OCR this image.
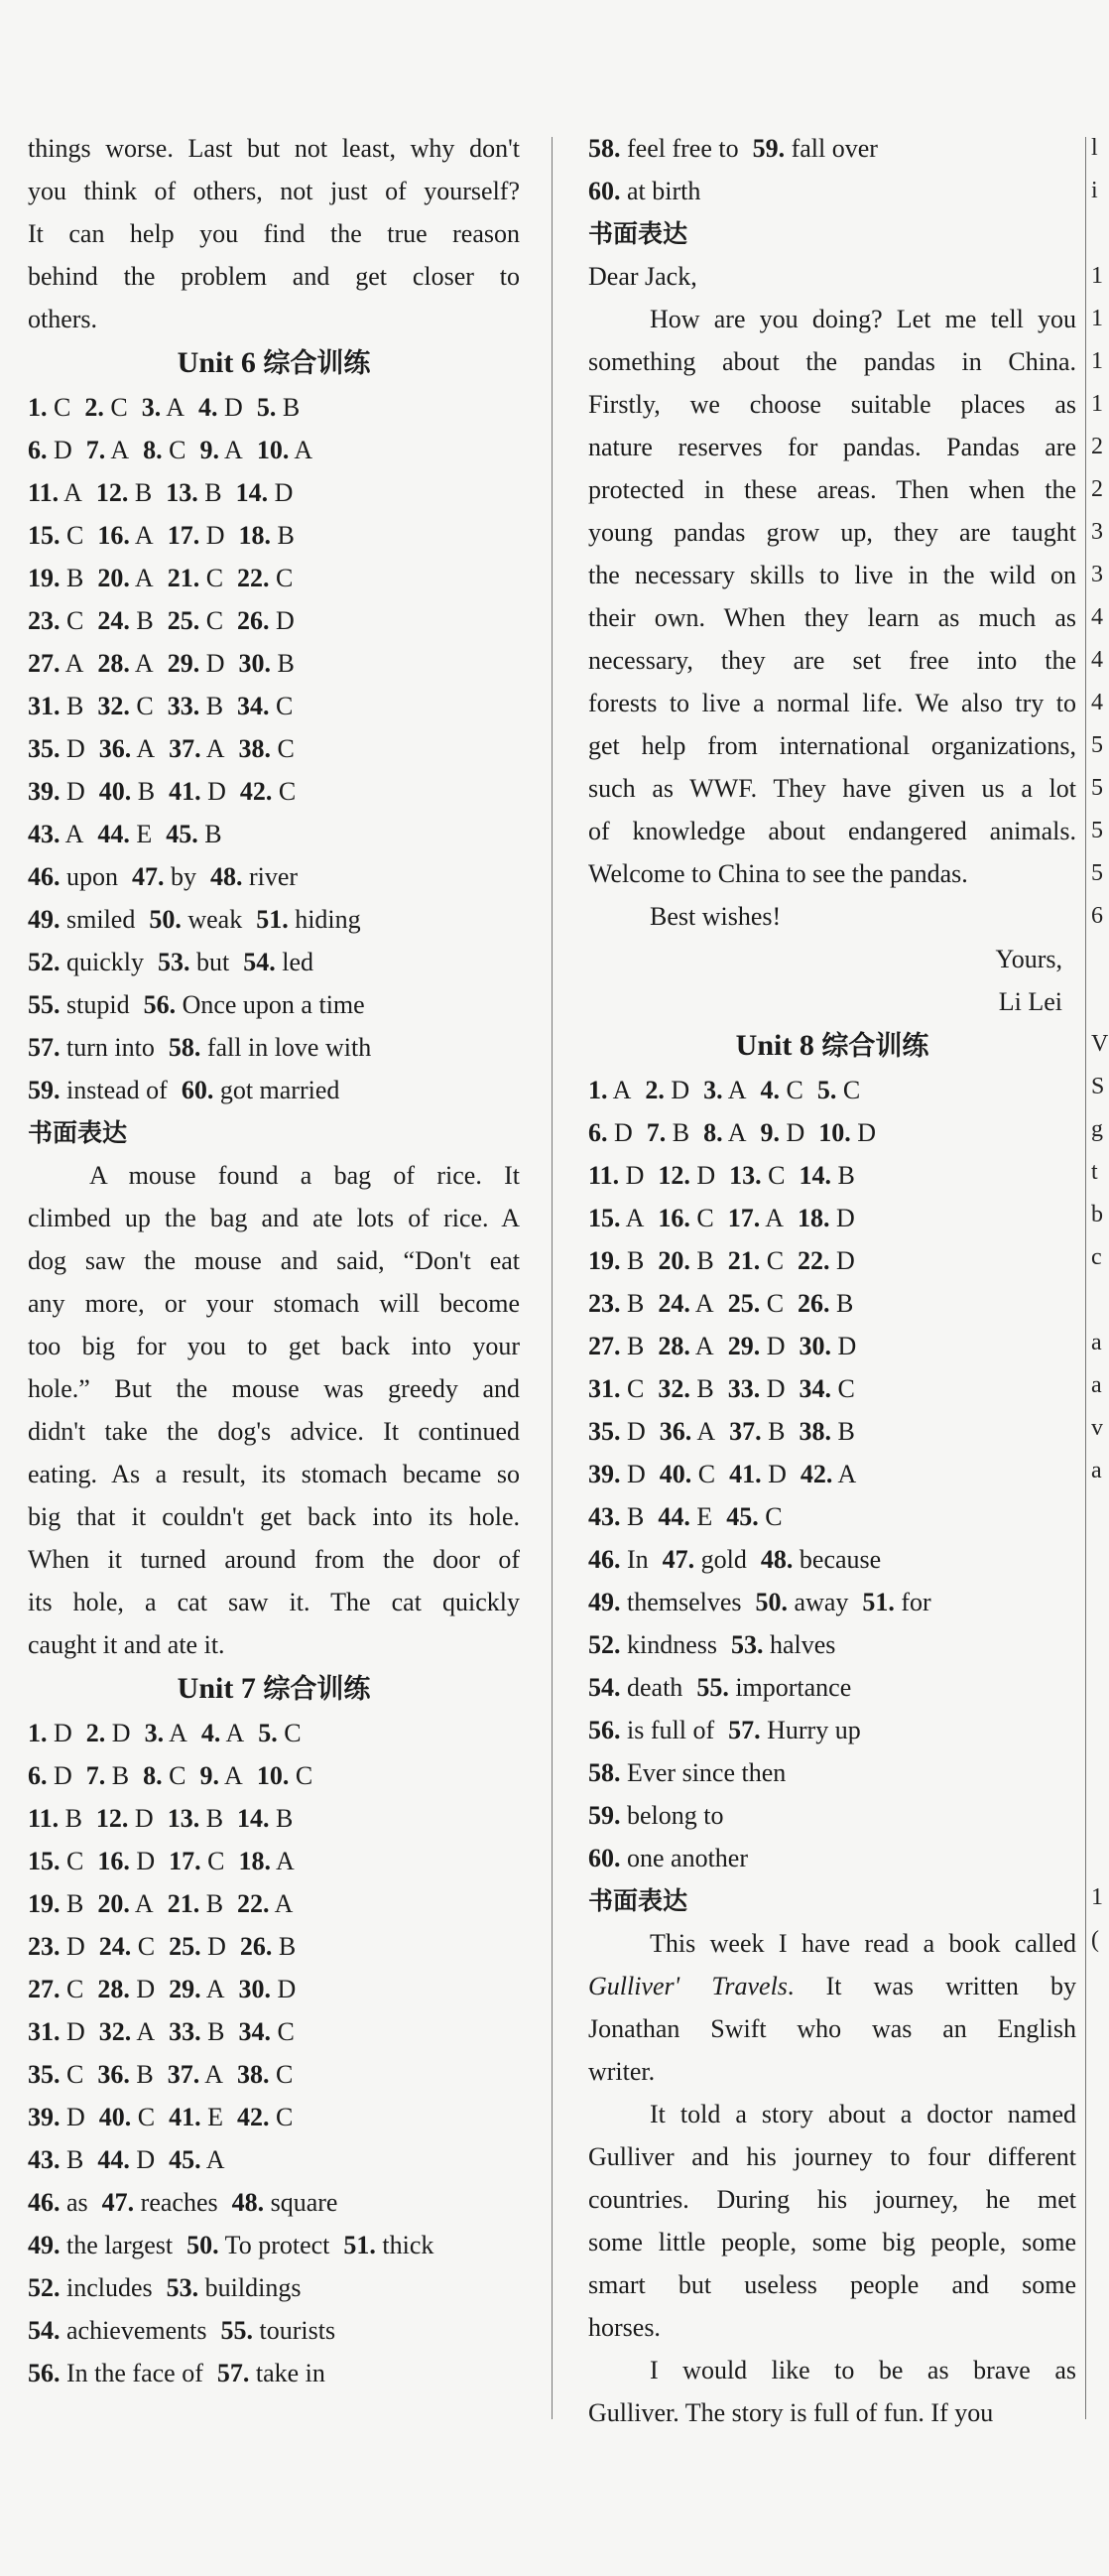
things worse. Last but not least, why don't
you think of others, not just of yourself?
It can help you find the true reason
behind the problem and get closer to
others.
Unit 6 综合训练
1. C 2. C 3. A 4. D 5. B
6. D 7. A 8. C 9. A 10. A
11. A 12. B 13. B 14. D
15. C 16. A 17. D 18. B
19. B 20. A 21. C 22. C
23. C 24. B 25. C 26. D
27. A 28. A 29. D 30. B
31. B 32. C 33. B 34. C
35. D 36. A 37. A 38. C
39. D 40. B 41. D 42. C
43. A 44. E 45. B
46. upon 47. by 48. river
49. smiled 50. weak 51. hiding
52. quickly 53. but 54. led
55. stupid 56. Once upon a time
57. turn into 58. fall in love with
59. instead of 60. got married
书面表达
A mouse found a bag of rice. It
climbed up the bag and ate lots of rice. A
dog saw the mouse and said, “Don't eat
any more, or your stomach will become
too big for you to get back into your
hole.” But the mouse was greedy and
didn't take the dog's advice. It continued
eating. As a result, its stomach became so
big that it couldn't get back into its hole.
When it turned around from the door of
its hole, a cat saw it. The cat quickly
caught it and ate it.
Unit 7 综合训练
1. D 2. D 3. A 4. A 5. C
6. D 7. B 8. C 9. A 10. C
11. B 12. D 13. B 14. B
15. C 16. D 17. C 18. A
19. B 20. A 21. B 22. A
23. D 24. C 25. D 26. B
27. C 28. D 29. A 30. D
31. D 32. A 33. B 34. C
35. C 36. B 37. A 38. C
39. D 40. C 41. E 42. C
43. B 44. D 45. A
46. as 47. reaches 48. square
49. the largest 50. To protect 51. thick
52. includes 53. buildings
54. achievements 55. tourists
56. In the face of 57. take in
58. feel free to 59. fall over
60. at birth
书面表达
Dear Jack,
How are you doing? Let me tell you
something about the pandas in China.
Firstly, we choose suitable places as
nature reserves for pandas. Pandas are
protected in these areas. Then when the
young pandas grow up, they are taught
the necessary skills to live in the wild on
their own. When they learn as much as
necessary, they are set free into the
forests to live a normal life. We also try to
get help from international organizations,
such as WWF. They have given us a lot
of knowledge about endangered animals.
Welcome to China to see the pandas.
Best wishes!
Yours,
Li Lei
Unit 8 综合训练
1. A 2. D 3. A 4. C 5. C
6. D 7. B 8. A 9. D 10. D
11. D 12. D 13. C 14. B
15. A 16. C 17. A 18. D
19. B 20. B 21. C 22. D
23. B 24. A 25. C 26. B
27. B 28. A 29. D 30. D
31. C 32. B 33. D 34. C
35. D 36. A 37. B 38. B
39. D 40. C 41. D 42. A
43. B 44. E 45. C
46. In 47. gold 48. because
49. themselves 50. away 51. for
52. kindness 53. halves
54. death 55. importance
56. is full of 57. Hurry up
58. Ever since then
59. belong to
60. one another
书面表达
This week I have read a book called
Gulliver' Travels. It was written by
Jonathan Swift who was an English
writer.
It told a story about a doctor named
Gulliver and his journey to four different
countries. During his journey, he met
some little people, some big people, some
smart but useless people and some
horses.
I would like to be as brave as
Gulliver. The story is full of fun. If you
l
i
1
1
1
1
2
2
3
3
4
4
4
5
5
5
5
6
V
S
g
t
b
c
a
a
v
a
1
(
